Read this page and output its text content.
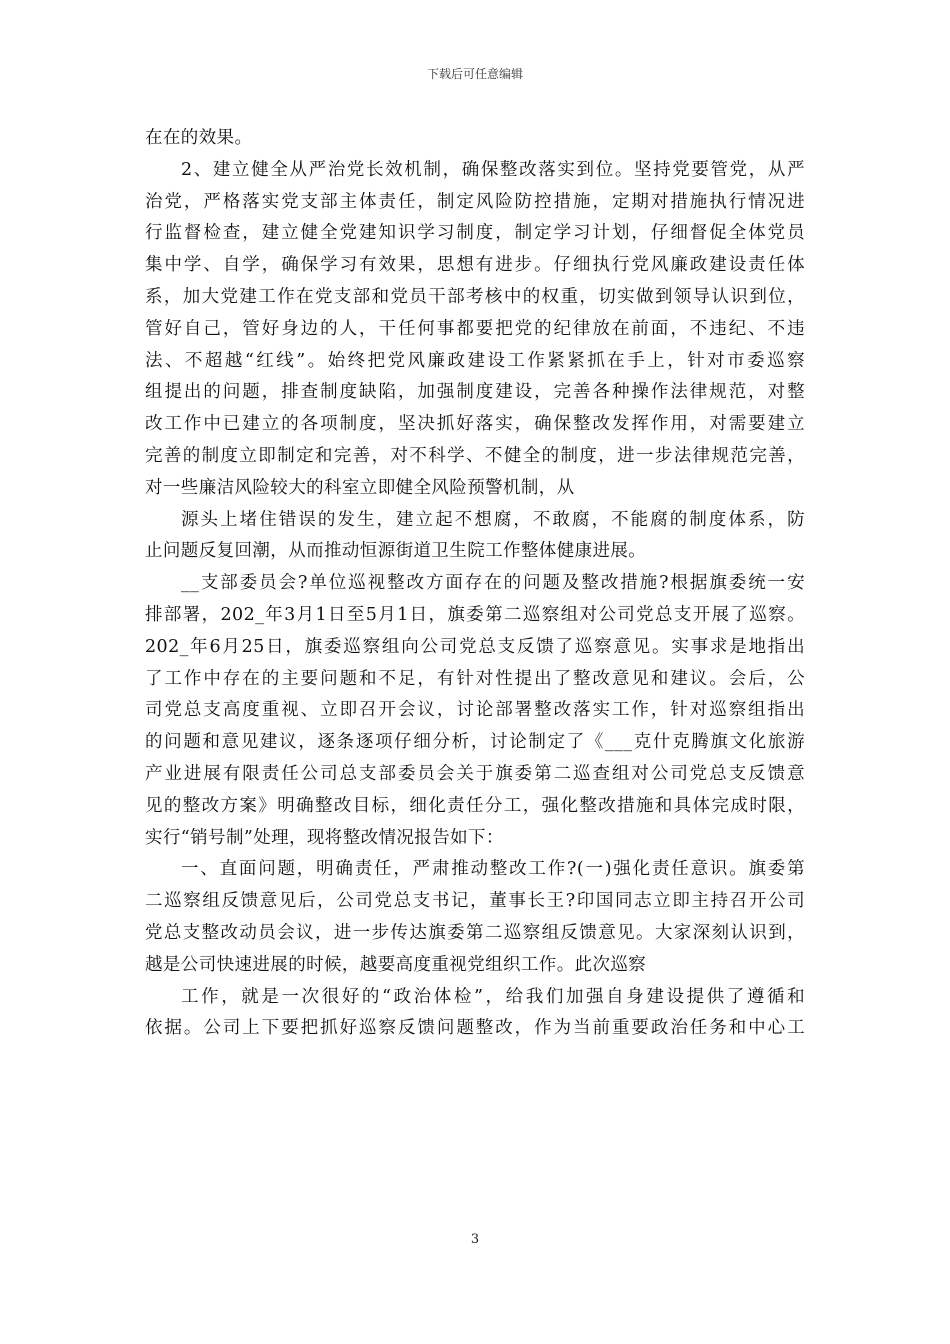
下载后可任意编辑
在在的效果。
2、建立健全从严治党长效机制，确保整改落实到位。坚持党要管党，从严
治党，严格落实党支部主体责任，制定风险防控措施，定期对措施执行情况进
行监督检查，建立健全党建知识学习制度，制定学习计划，仔细督促全体党员
集中学、自学，确保学习有效果，思想有进步。仔细执行党风廉政建设责任体
系，加大党建工作在党支部和党员干部考核中的权重，切实做到领导认识到位，
管好自己，管好身边的人，干任何事都要把党的纪律放在前面，不违纪、不违
法、不超越“红线”。始终把党风廉政建设工作紧紧抓在手上，针对市委巡察
组提出的问题，排查制度缺陷，加强制度建设，完善各种操作法律规范，对整
改工作中已建立的各项制度，坚决抓好落实，确保整改发挥作用，对需要建立
完善的制度立即制定和完善，对不科学、不健全的制度，进一步法律规范完善，
对一些廉洁风险较大的科室立即健全风险预警机制，从
源头上堵住错误的发生，建立起不想腐，不敢腐，不能腐的制度体系，防
止问题反复回潮，从而推动恒源街道卫生院工作整体健康进展。
__支部委员会?单位巡视整改方面存在的问题及整改措施?根据旗委统一安
排部署，202_年3月1日至5月1日，旗委第二巡察组对公司党总支开展了巡察。
202_年6月25日，旗委巡察组向公司党总支反馈了巡察意见。实事求是地指出
了工作中存在的主要问题和不足，有针对性提出了整改意见和建议。会后，公
司党总支高度重视、立即召开会议，讨论部署整改落实工作，针对巡察组指出
的问题和意见建议，逐条逐项仔细分析，讨论制定了《___克什克腾旗文化旅游
产业进展有限责任公司总支部委员会关于旗委第二巡查组对公司党总支反馈意
见的整改方案》明确整改目标，细化责任分工，强化整改措施和具体完成时限，
实行“销号制”处理，现将整改情况报告如下：
一、直面问题，明确责任，严肃推动整改工作?(一)强化责任意识。旗委第
二巡察组反馈意见后，公司党总支书记，董事长王?印国同志立即主持召开公司
党总支整改动员会议，进一步传达旗委第二巡察组反馈意见。大家深刻认识到，
越是公司快速进展的时候，越要高度重视党组织工作。此次巡察
工作，就是一次很好的“政治体检”，给我们加强自身建设提供了遵循和
依据。公司上下要把抓好巡察反馈问题整改，作为当前重要政治任务和中心工
3
